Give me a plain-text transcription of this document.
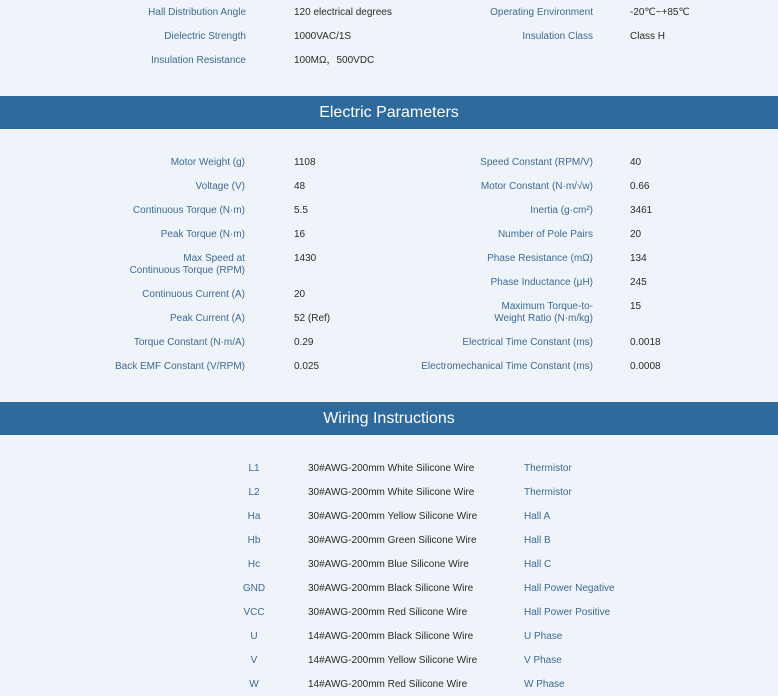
Hall Distribution Angle	120 electrical degrees
Dielectric Strength	1000VAC/1S
Insulation Resistance	100MΩ，500VDC
Operating Environment	-20℃~+85℃
Insulation Class	Class H
Electric Parameters
Motor Weight (g)	1108
Voltage (V)	48
Continuous Torque (N·m)	5.5
Peak Torque (N·m)	16
Max Speed at
Continuous Torque (RPM)
1430
Continuous Current (A)	20
Peak Current (A)	52 (Ref)
Torque Constant (N·m/A)	0.29
Back EMF Constant (V/RPM)	0.025
Speed Constant (RPM/V)	40
Motor Constant (N·m/√w)	0.66
Inertia (g·cm²)	3461
Number of Pole Pairs	20
Phase Resistance (mΩ)	134
Phase Inductance (μH)	245
Maximum Torque-to-
Weight Ratio (N·m/kg)
15
Electrical Time Constant (ms)	0.0018
Electromechanical Time Constant (ms)	0.0008
Wiring Instructions
L1	30#AWG-200mm White Silicone Wire	Thermistor
L2	30#AWG-200mm White Silicone Wire	Thermistor
Ha	30#AWG-200mm Yellow Silicone Wire	Hall A
Hb	30#AWG-200mm Green Silicone Wire	Hall B
Hc	30#AWG-200mm Blue Silicone Wire	Hall C
GND	30#AWG-200mm Black Silicone Wire	Hall Power Negative
VCC	30#AWG-200mm Red Silicone Wire	Hall Power Positive
U	14#AWG-200mm Black Silicone Wire	U Phase
V	14#AWG-200mm Yellow Silicone Wire	V Phase
W	14#AWG-200mm Red Silicone Wire	W Phase
